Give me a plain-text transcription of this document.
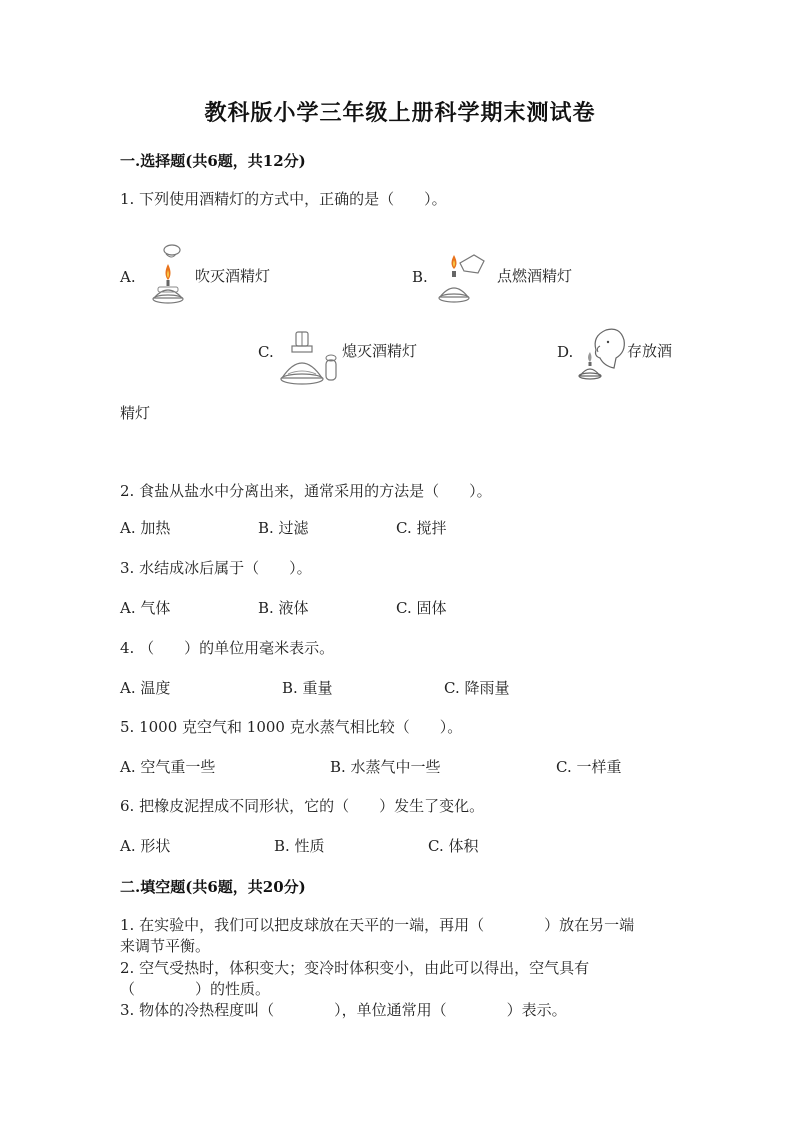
教科版小学三年级上册科学期末测试卷
一.选择题(共6题，共12分)
1. 下列使用酒精灯的方式中，正确的是（　　）。
A.	吹灭酒精灯	B.	点燃酒精灯
C.	熄灭酒精灯	D.	存放酒
精灯
2. 食盐从盐水中分离出来，通常采用的方法是（　　）。
A. 加热	B. 过滤	C. 搅拌
3. 水结成冰后属于（　　）。
A. 气体	B. 液体	C. 固体
4. （　　）的单位用毫米表示。
A. 温度	B. 重量	C. 降雨量
5. 1000 克空气和 1000 克水蒸气相比较（　　）。
A. 空气重一些	B. 水蒸气中一些	C. 一样重
6. 把橡皮泥捏成不同形状，它的（　　）发生了变化。
A. 形状	B. 性质	C. 体积
二.填空题(共6题，共20分)
1. 在实验中，我们可以把皮球放在天平的一端，再用（　　　　）放在另一端
来调节平衡。
2. 空气受热时，体积变大；变冷时体积变小，由此可以得出，空气具有
（　　　　）的性质。
3. 物体的冷热程度叫（　　　　），单位通常用（　　　　）表示。
